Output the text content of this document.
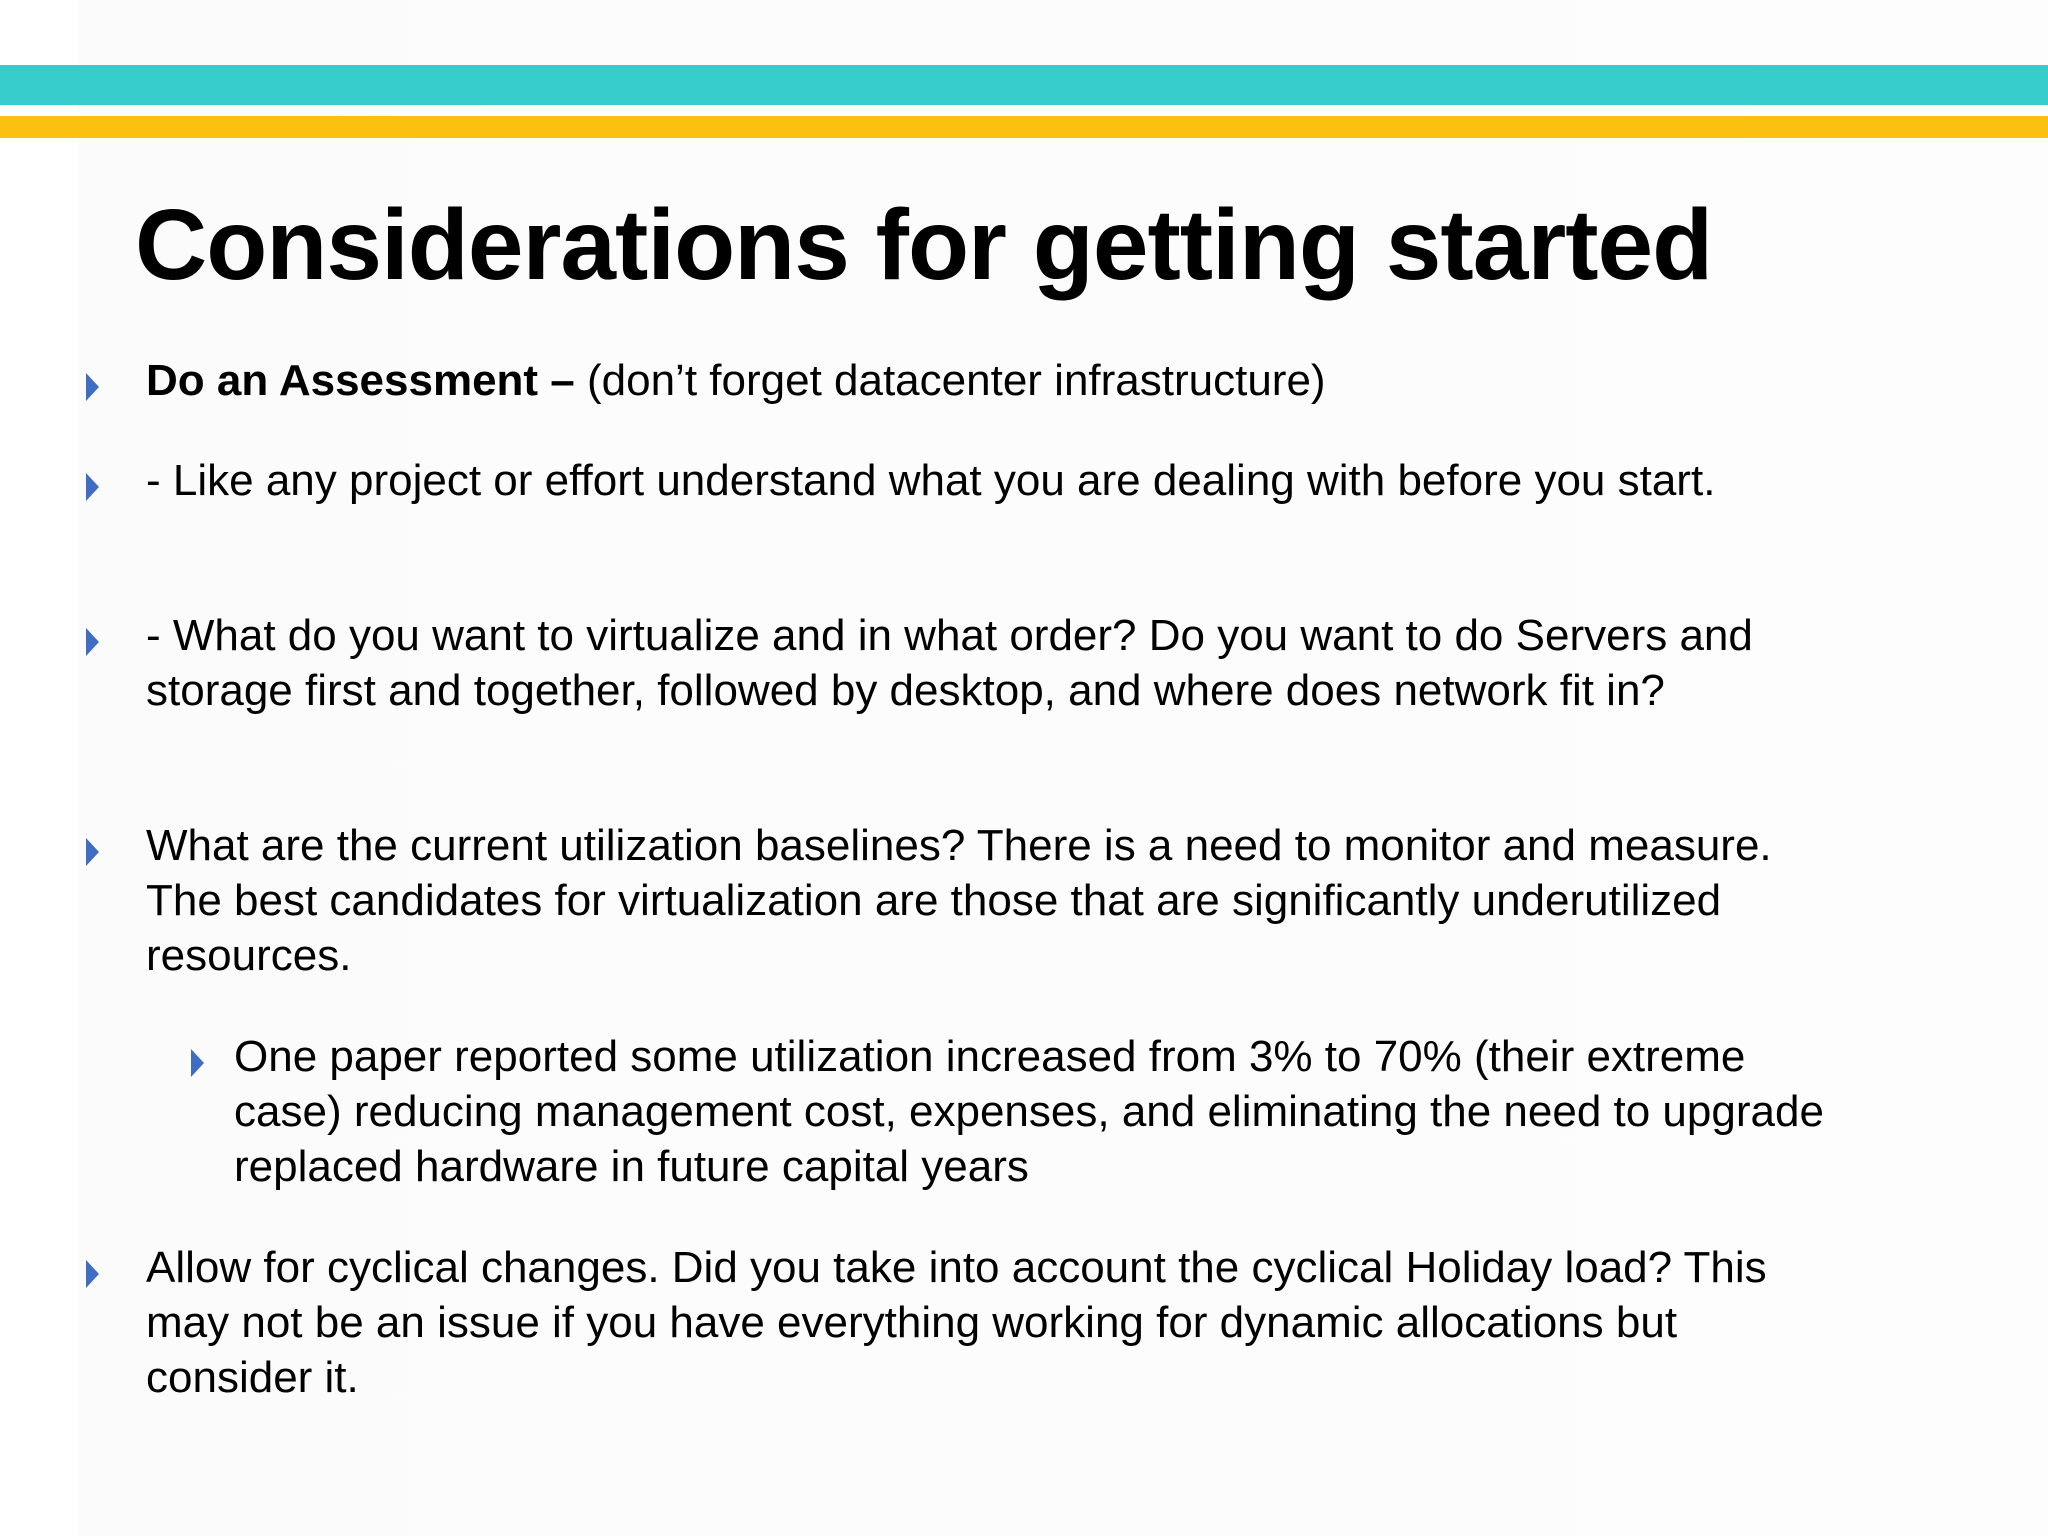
Considerations for getting started
Do an Assessment – (don’t forget datacenter infrastructure)
- Like any project or effort understand what you are dealing with before you start.
- What do you want to virtualize and in what order? Do you want to do Servers and storage first and together, followed by desktop, and where does network fit in?
What are the current utilization baselines? There is a need to monitor and measure. The best candidates for virtualization are those that are significantly underutilized resources.
One paper reported some utilization increased from 3% to 70% (their extreme case) reducing management cost, expenses, and eliminating the need to upgrade replaced hardware in future capital years
Allow for cyclical changes. Did you take into account the cyclical Holiday load? This may not be an issue if you have everything working for dynamic allocations but consider it.
